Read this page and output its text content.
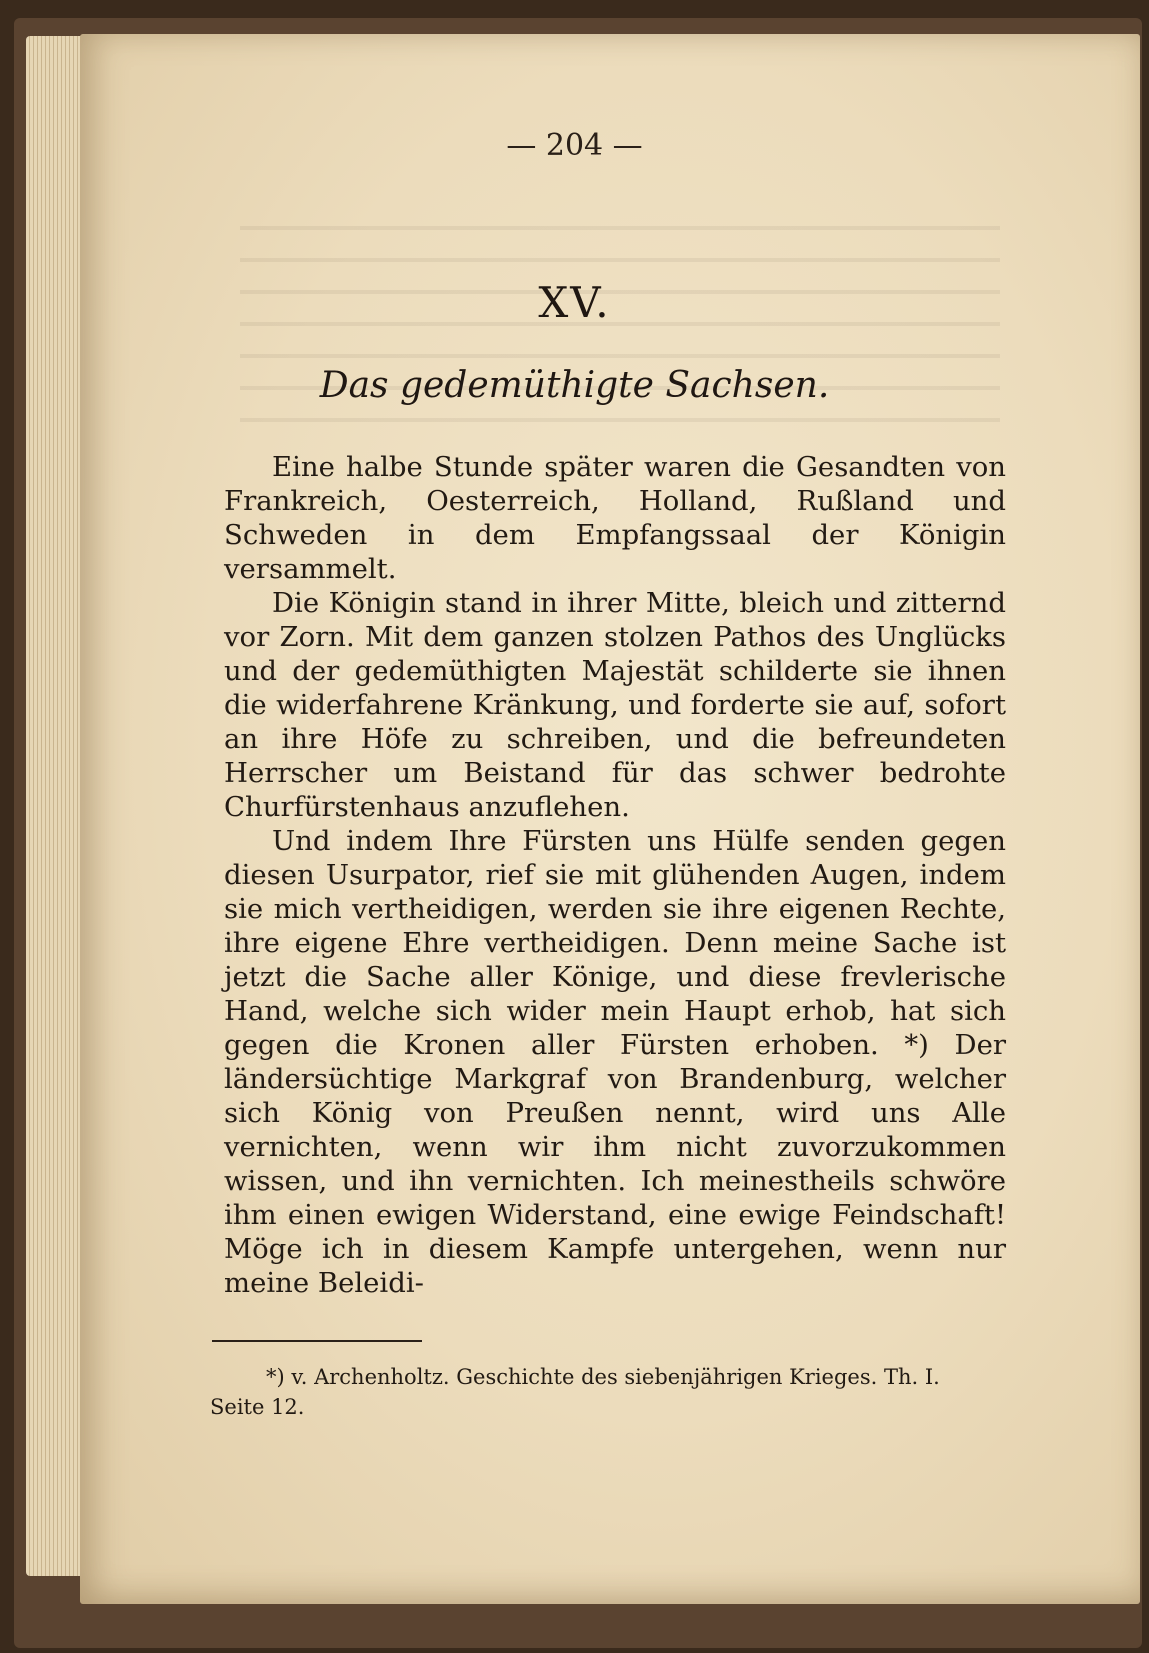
— 204 —
XV.
Das gedemüthigte Sachsen.

Eine halbe Stunde später waren die Gesandten von Frankreich, Oesterreich, Holland, Rußland und Schweden in dem Empfangssaal der Königin versammelt.

Die Königin stand in ihrer Mitte, bleich und zitternd vor Zorn. Mit dem ganzen stolzen Pathos des Unglücks und der gedemüthigten Majestät schilderte sie ihnen die widerfahrene Kränkung, und forderte sie auf, sofort an ihre Höfe zu schreiben, und die befreundeten Herrscher um Beistand für das schwer bedrohte Churfürstenhaus anzuflehen.

Und indem Ihre Fürsten uns Hülfe senden gegen diesen Usurpator, rief sie mit glühenden Augen, indem sie mich vertheidigen, werden sie ihre eigenen Rechte, ihre eigene Ehre vertheidigen. Denn meine Sache ist jetzt die Sache aller Könige, und diese frevlerische Hand, welche sich wider mein Haupt erhob, hat sich gegen die Kronen aller Fürsten erhoben. *) Der ländersüchtige Markgraf von Brandenburg, welcher sich König von Preußen nennt, wird uns Alle vernichten, wenn wir ihm nicht zuvorzukommen wissen, und ihn vernichten. Ich meinestheils schwöre ihm einen ewigen Widerstand, eine ewige Feindschaft! Möge ich in diesem Kampfe untergehen, wenn nur meine Beleidi-

*) v. Archenholtz. Geschichte des siebenjährigen Krieges. Th. I. Seite 12.
